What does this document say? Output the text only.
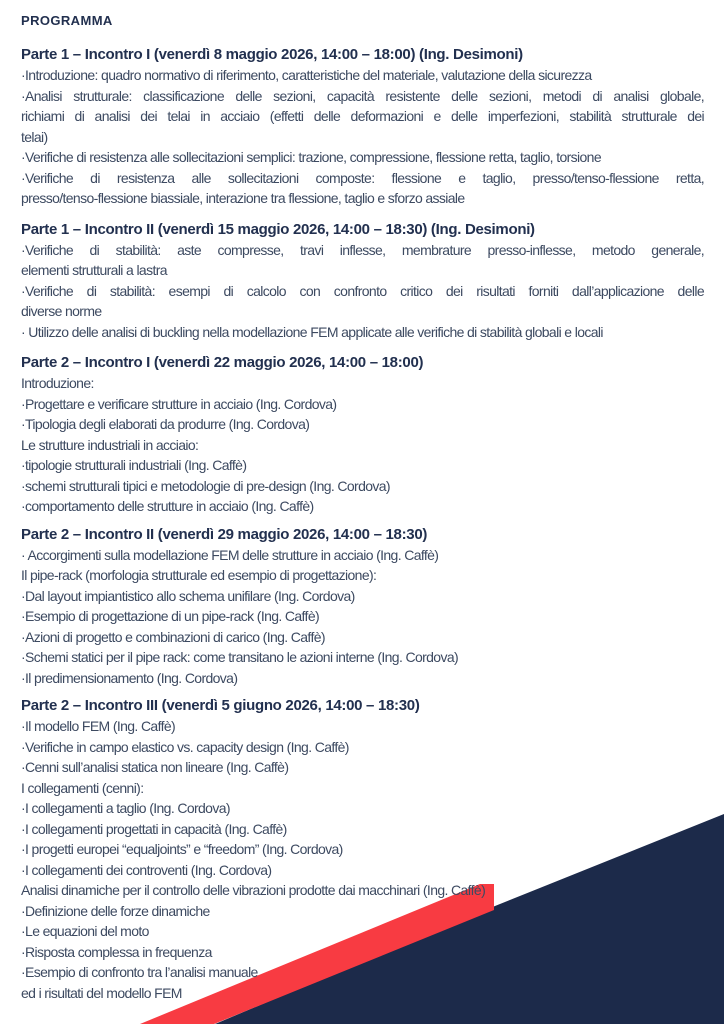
PROGRAMMA
Parte 1 – Incontro I (venerdì 8 maggio 2026, 14:00 – 18:00) (Ing. Desimoni)

·Introduzione: quadro normativo di riferimento, caratteristiche del materiale, valutazione della sicurezza

·Analisi strutturale: classificazione delle sezioni, capacità resistente delle sezioni, metodi di analisi globale,

richiami di analisi dei telai in acciaio (effetti delle deformazioni e delle imperfezioni, stabilità strutturale dei

telai)

·Verifiche di resistenza alle sollecitazioni semplici: trazione, compressione, flessione retta, taglio, torsione

·Verifiche di resistenza alle sollecitazioni composte: flessione e taglio, presso/tenso-flessione retta,

presso/tenso-flessione biassiale, interazione tra flessione, taglio e sforzo assiale

Parte 1 – Incontro II (venerdì 15 maggio 2026, 14:00 – 18:30) (Ing. Desimoni)

·Verifiche di stabilità: aste compresse, travi inflesse, membrature presso-inflesse, metodo generale,

elementi strutturali a lastra

·Verifiche di stabilità: esempi di calcolo con confronto critico dei risultati forniti dall’applicazione delle

diverse norme

· Utilizzo delle analisi di buckling nella modellazione FEM applicate alle verifiche di stabilità globali e locali

Parte 2 – Incontro I (venerdì 22 maggio 2026, 14:00 – 18:00)

Introduzione:

·Progettare e verificare strutture in acciaio (Ing. Cordova)

·Tipologia degli elaborati da produrre (Ing. Cordova)

Le strutture industriali in acciaio:

·tipologie strutturali industriali (Ing. Caffè)

·schemi strutturali tipici e metodologie di pre-design (Ing. Cordova)

·comportamento delle strutture in acciaio (Ing. Caffè)

Parte 2 – Incontro II (venerdì 29 maggio 2026, 14:00 – 18:30)

· Accorgimenti sulla modellazione FEM delle strutture in acciaio (Ing. Caffè)

Il pipe-rack (morfologia strutturale ed esempio di progettazione):

·Dal layout impiantistico allo schema unifilare (Ing. Cordova)

·Esempio di progettazione di un pipe-rack (Ing. Caffè)

·Azioni di progetto e combinazioni di carico (Ing. Caffè)

·Schemi statici per il pipe rack: come transitano le azioni interne (Ing. Cordova)

·Il predimensionamento (Ing. Cordova)

Parte 2 – Incontro III (venerdì 5 giugno 2026, 14:00 – 18:30)

·Il modello FEM (Ing. Caffè)

·Verifiche in campo elastico vs. capacity design (Ing. Caffè)

·Cenni sull’analisi statica non lineare (Ing. Caffè)

I collegamenti (cenni):

·I collegamenti a taglio (Ing. Cordova)

·I collegamenti progettati in capacità (Ing. Caffè)

·I progetti europei “equaljoints” e “freedom” (Ing. Cordova)

·I collegamenti dei controventi (Ing. Cordova)

Analisi dinamiche per il controllo delle vibrazioni prodotte dai macchinari (Ing. Caffè)

·Definizione delle forze dinamiche

·Le equazioni del moto

·Risposta complessa in frequenza

·Esempio di confronto tra l’analisi manuale

ed i risultati del modello FEM
